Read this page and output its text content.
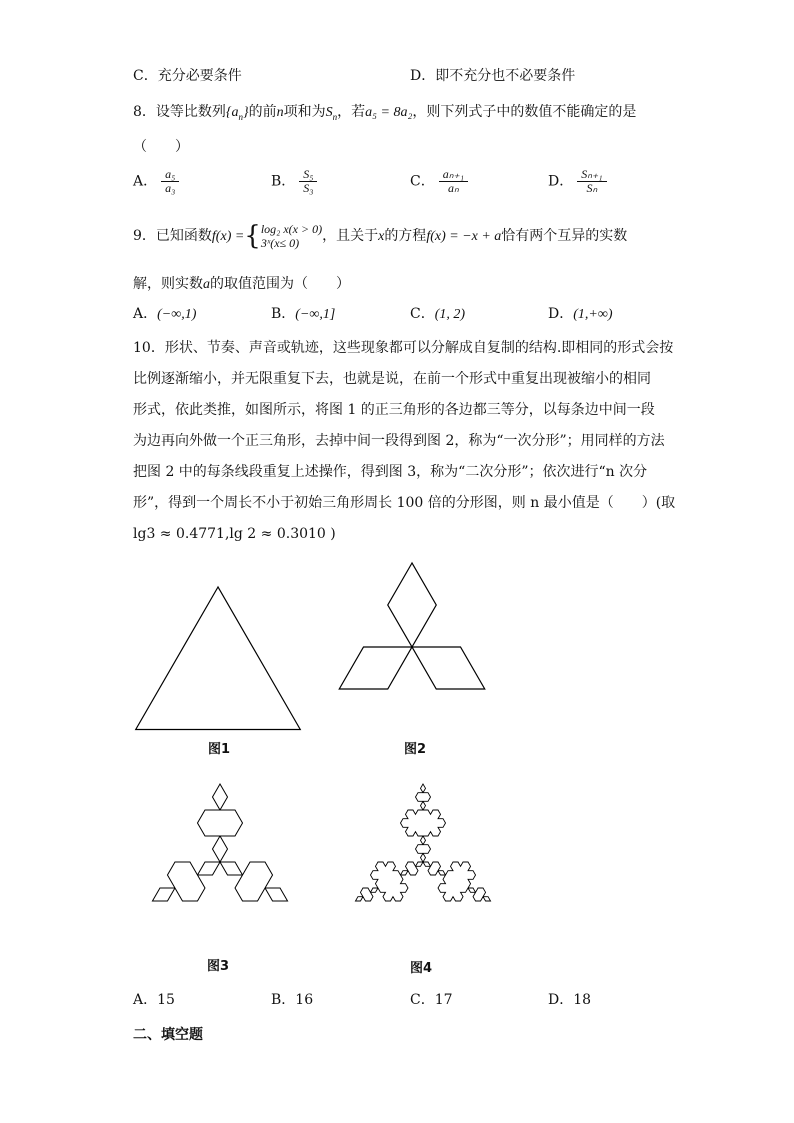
C．充分必要条件	D．即不充分也不必要条件
8．设等比数列$\{a_n\}$的前n项和为$S_n$，若a₅ = 8a₂，则下列式子中的数值不能确定的是
（　　）
A． $\frac{\text{a₅}}{\text{a₃}}$	B． $\frac{\text{S₅}}{\text{S₃}}$	C． $\frac{\text{aₙ₊₁}}{\text{aₙ}}$	D． $\frac{\text{Sₙ₊₁}}{\text{Sₙ}}$
9．已知函数f(x) ={ log₂ x(x > 0)
3ˣ(x≤ 0)	，且关于x的方程f(x) = −x + a恰有两个互异的实数
解，则实数a的取值范围为（　　）
A．(−∞,1)	B．(−∞,1]	C．(1, 2)	D．(1,+∞)
10．形状、节奏、声音或轨迹，这些现象都可以分解成自复制的结构.即相同的形式会按
比例逐渐缩小，并无限重复下去，也就是说，在前一个形式中重复出现被缩小的相同
形式，依此类推，如图所示，将图 1 的正三角形的各边都三等分，以每条边中间一段
为边再向外做一个正三角形，去掉中间一段得到图 2，称为“一次分形”；用同样的方法
把图 2 中的每条线段重复上述操作，得到图 3，称为“二次分形”；依次进行“n 次分
形”，得到一个周长不小于初始三角形周长 100 倍的分形图，则 n 最小值是（　　）(取
lg3 ≈ 0.4771,lg 2 ≈ 0.3010 )
图1	图2
图3	图4
A．15	B．16	C．17	D．18
二、填空题
